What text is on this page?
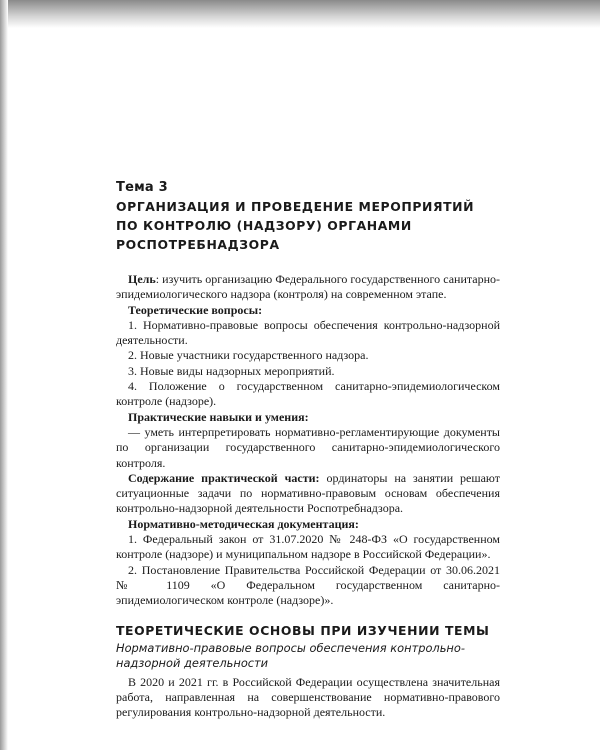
Тема 3
ОРГАНИЗАЦИЯ И ПРОВЕДЕНИЕ МЕРОПРИЯТИЙ
ПО КОНТРОЛЮ (НАДЗОРУ) ОРГАНАМИ
РОСПОТРЕБНАДЗОРА

Цель: изучить организацию Федерального государственного санитарно-эпидемиологического надзора (контроля) на современном этапе.

Теоретические вопросы:

1. Нормативно-правовые вопросы обеспечения контрольно-надзорной деятельности.

2. Новые участники государственного надзора.

3. Новые виды надзорных мероприятий.

4. Положение о государственном санитарно-эпидемиологическом контроле (надзоре).

Практические навыки и умения:

— уметь интерпретировать нормативно-регламентирующие документы по организации государственного санитарно-эпидемиологического контроля.

Содержание практической части: ординаторы на занятии решают ситуационные задачи по нормативно-правовым основам обеспечения контрольно-надзорной деятельности Роспотребнадзора.

Нормативно-методическая документация:

1. Федеральный закон от 31.07.2020 № 248-ФЗ «О государственном контроле (надзоре) и муниципальном надзоре в Российской Федерации».

2. Постановление Правительства Российской Федерации от 30.06.2021 № 1109 «О Федеральном государственном санитарно-эпидемиологическом контроле (надзоре)».

ТЕОРЕТИЧЕСКИЕ ОСНОВЫ ПРИ ИЗУЧЕНИИ ТЕМЫ

Нормативно-правовые вопросы обеспечения контрольно-надзорной деятельности

В 2020 и 2021 гг. в Российской Федерации осуществлена значительная работа, направленная на совершенствование нормативно-правового регулирования контрольно-надзорной деятельности.
